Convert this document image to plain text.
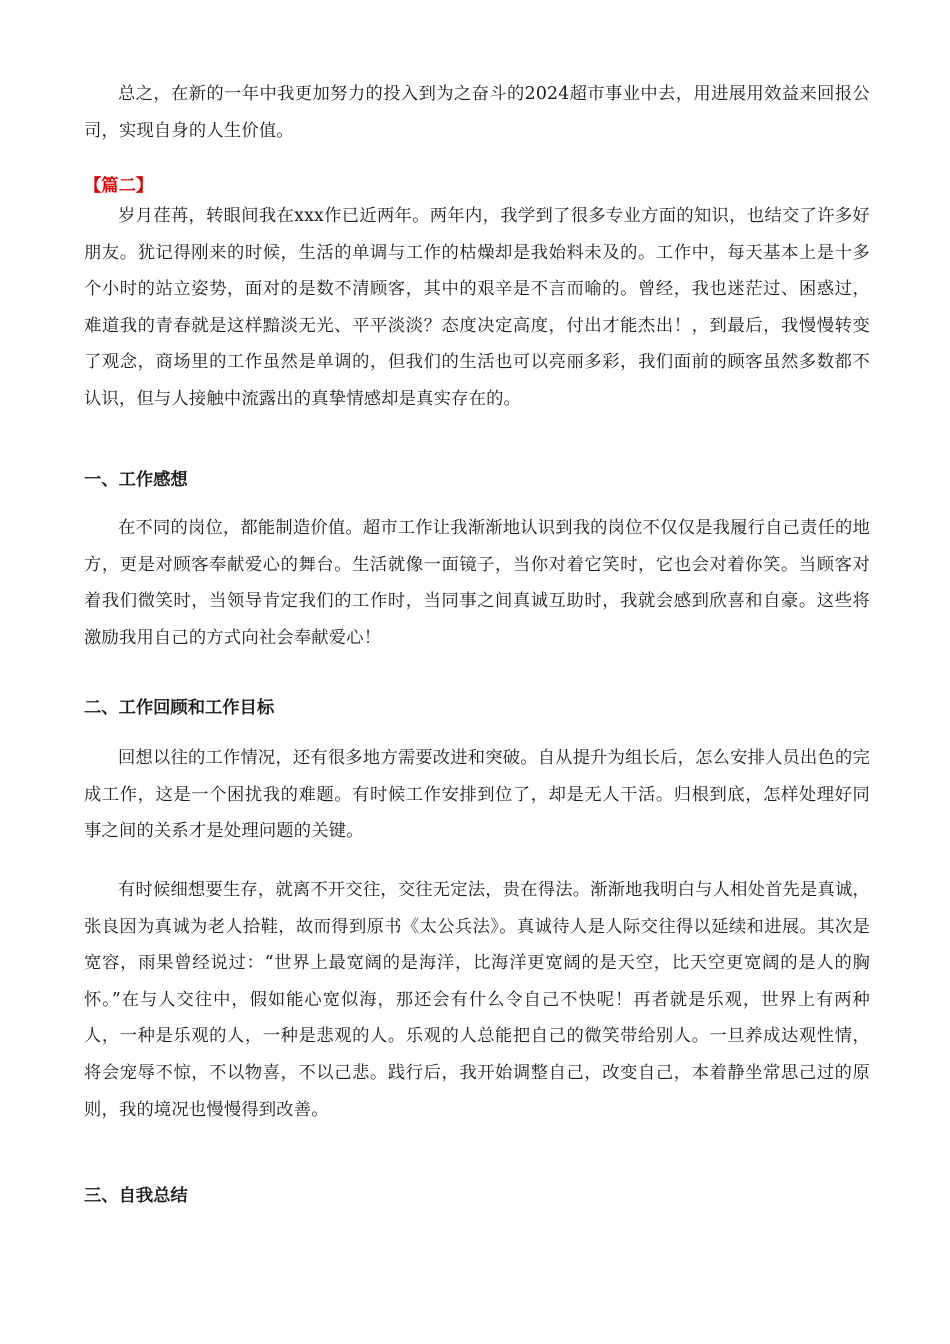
总之，在新的一年中我更加努力的投入到为之奋斗的2024超市事业中去，用进展用效益来回报公司，实现自身的人生价值。

【篇二】

岁月荏苒，转眼间我在xxx作已近两年。两年内，我学到了很多专业方面的知识，也结交了许多好朋友。犹记得刚来的时候，生活的单调与工作的枯燥却是我始料未及的。工作中，每天基本上是十多个小时的站立姿势，面对的是数不清顾客，其中的艰辛是不言而喻的。曾经，我也迷茫过、困惑过，难道我的青春就是这样黯淡无光、平平淡淡？态度决定高度，付出才能杰出！，到最后，我慢慢转变了观念，商场里的工作虽然是单调的，但我们的生活也可以亮丽多彩，我们面前的顾客虽然多数都不认识，但与人接触中流露出的真挚情感却是真实存在的。

一、工作感想

在不同的岗位，都能制造价值。超市工作让我渐渐地认识到我的岗位不仅仅是我履行自己责任的地方，更是对顾客奉献爱心的舞台。生活就像一面镜子，当你对着它笑时，它也会对着你笑。当顾客对着我们微笑时，当领导肯定我们的工作时，当同事之间真诚互助时，我就会感到欣喜和自豪。这些将激励我用自己的方式向社会奉献爱心！

二、工作回顾和工作目标

回想以往的工作情况，还有很多地方需要改进和突破。自从提升为组长后，怎么安排人员出色的完成工作，这是一个困扰我的难题。有时候工作安排到位了，却是无人干活。归根到底，怎样处理好同事之间的关系才是处理问题的关键。

有时候细想要生存，就离不开交往，交往无定法，贵在得法。渐渐地我明白与人相处首先是真诚，张良因为真诚为老人拾鞋，故而得到原书《太公兵法》。真诚待人是人际交往得以延续和进展。其次是宽容，雨果曾经说过：“世界上最宽阔的是海洋，比海洋更宽阔的是天空，比天空更宽阔的是人的胸怀。”在与人交往中，假如能心宽似海，那还会有什么令自己不快呢！再者就是乐观，世界上有两种人，一种是乐观的人，一种是悲观的人。乐观的人总能把自己的微笑带给别人。一旦养成达观性情，将会宠辱不惊，不以物喜，不以己悲。践行后，我开始调整自己，改变自己，本着静坐常思己过的原则，我的境况也慢慢得到改善。

三、自我总结
